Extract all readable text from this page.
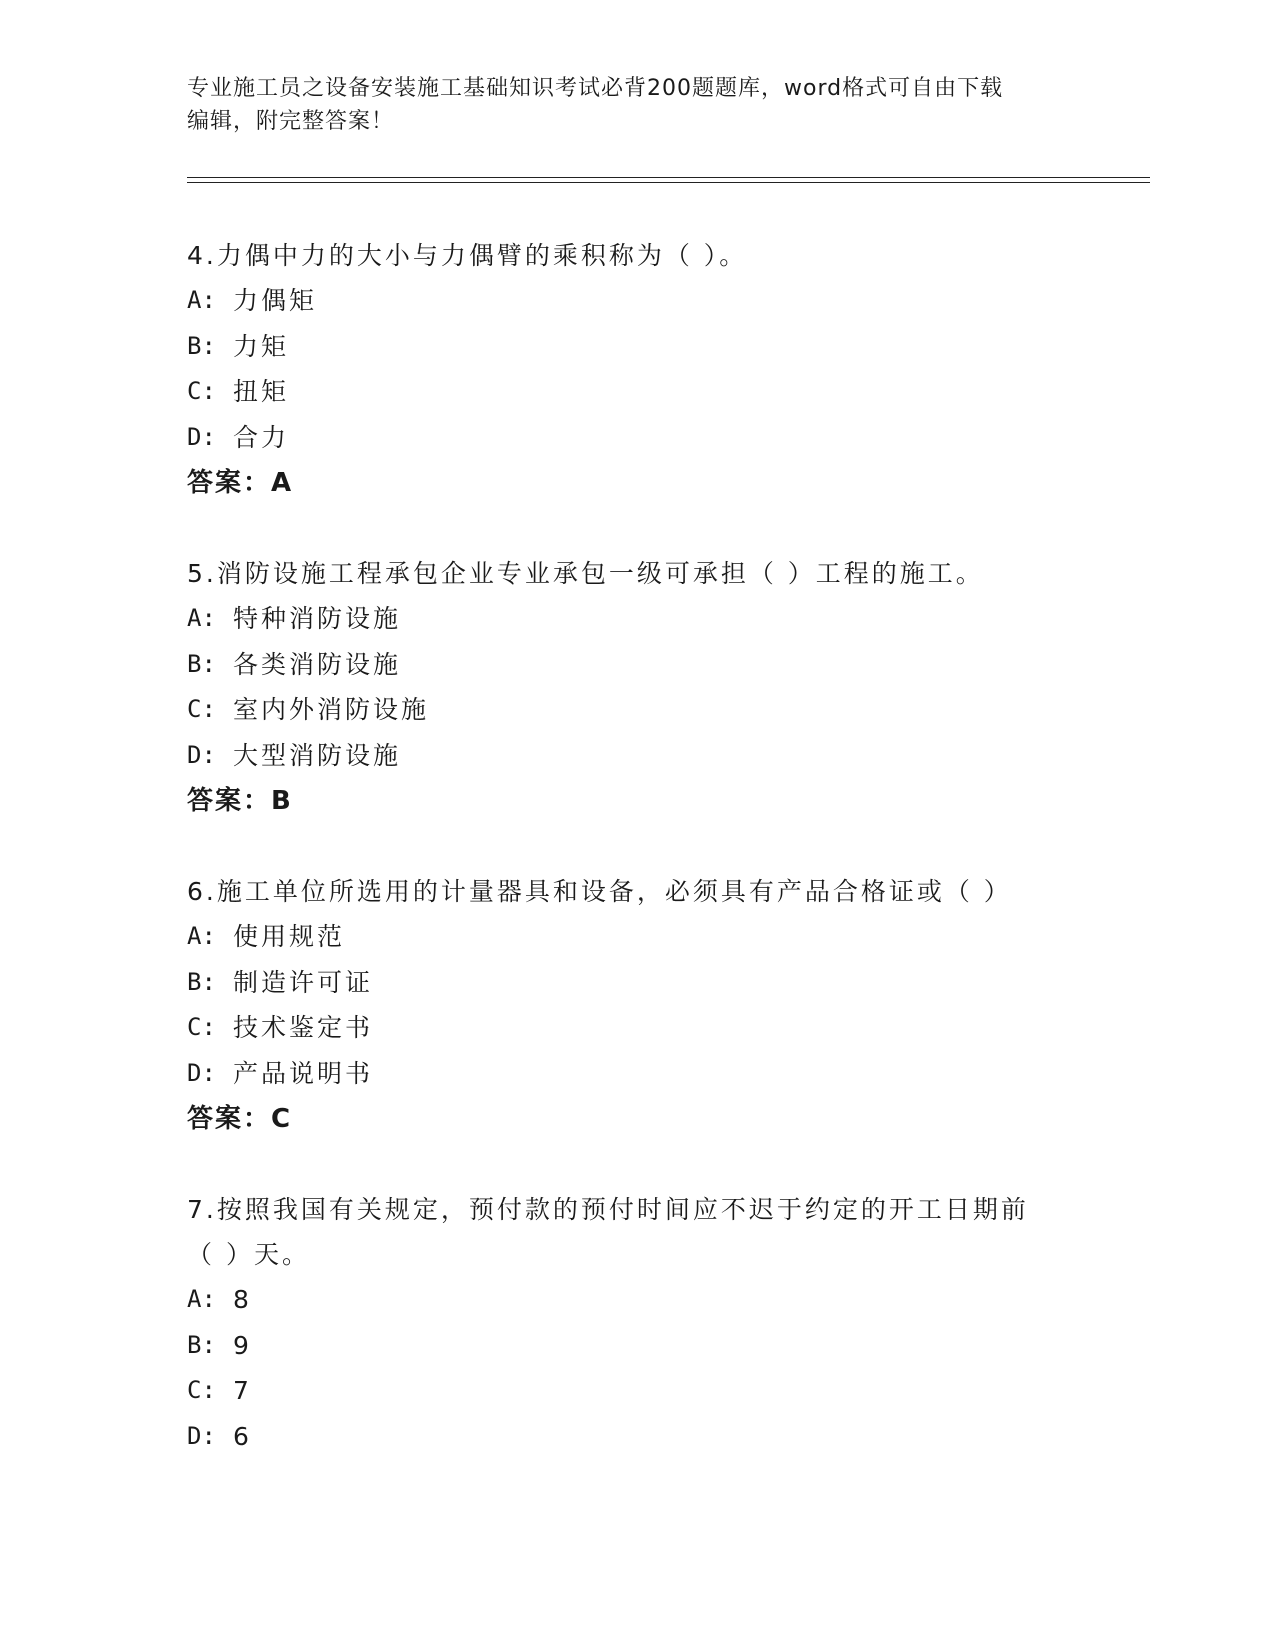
专业施工员之设备安装施工基础知识考试必背200题题库，word格式可自由下载
编辑，附完整答案！

4.力偶中力的大小与力偶臂的乘积称为（ ）。

A: 力偶矩
B: 力矩
C: 扭矩
D: 合力

答案：A

5.消防设施工程承包企业专业承包一级可承担（ ）工程的施工。

A: 特种消防设施
B: 各类消防设施
C: 室内外消防设施
D: 大型消防设施

答案：B

6.施工单位所选用的计量器具和设备，必须具有产品合格证或（ ）

A: 使用规范
B: 制造许可证
C: 技术鉴定书
D: 产品说明书

答案：C

7.按照我国有关规定，预付款的预付时间应不迟于约定的开工日期前

（ ）天。

A: 8
B: 9
C: 7
D: 6
